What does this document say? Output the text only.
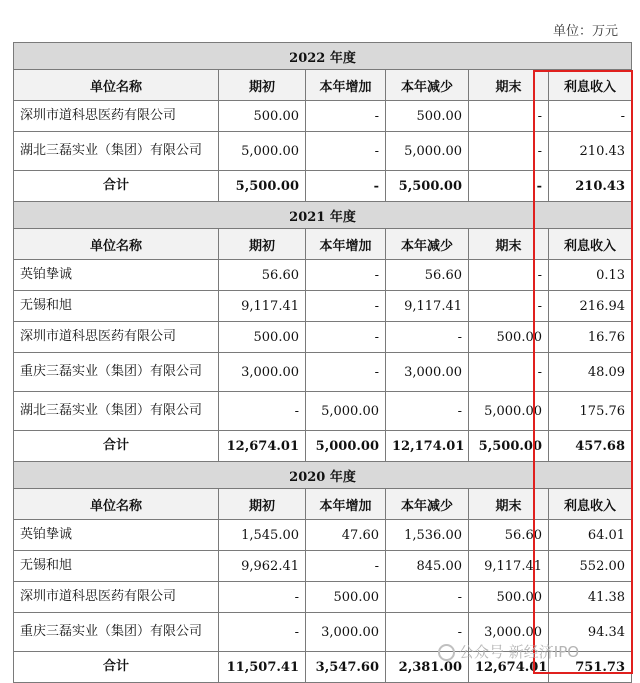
单位：万元
2022 年度					
单位名称	期初	本年增加	本年减少	期末	利息收入
深圳市道科思医药有限公司	500.00	-	500.00	-	-
湖北三磊实业（集团）有限公司	5,000.00	-	5,000.00	-	210.43
合计	5,500.00	-	5,500.00	-	210.43
2021 年度					
单位名称	期初	本年增加	本年减少	期末	利息收入
英铂挚诚	56.60	-	56.60	-	0.13
无锡和旭	9,117.41	-	9,117.41	-	216.94
深圳市道科思医药有限公司	500.00	-	-	500.00	16.76
重庆三磊实业（集团）有限公司	3,000.00	-	3,000.00	-	48.09
湖北三磊实业（集团）有限公司	-	5,000.00	-	5,000.00	175.76
合计	12,674.01	5,000.00	12,174.01	5,500.00	457.68
2020 年度					
单位名称	期初	本年增加	本年减少	期末	利息收入
英铂挚诚	1,545.00	47.60	1,536.00	56.60	64.01
无锡和旭	9,962.41	-	845.00	9,117.41	552.00
深圳市道科思医药有限公司	-	500.00	-	500.00	41.38
重庆三磊实业（集团）有限公司	-	3,000.00	-	3,000.00	94.34
合计	11,507.41	3,547.60	2,381.00	12,674.01	751.73
公众号 新经济IPO
